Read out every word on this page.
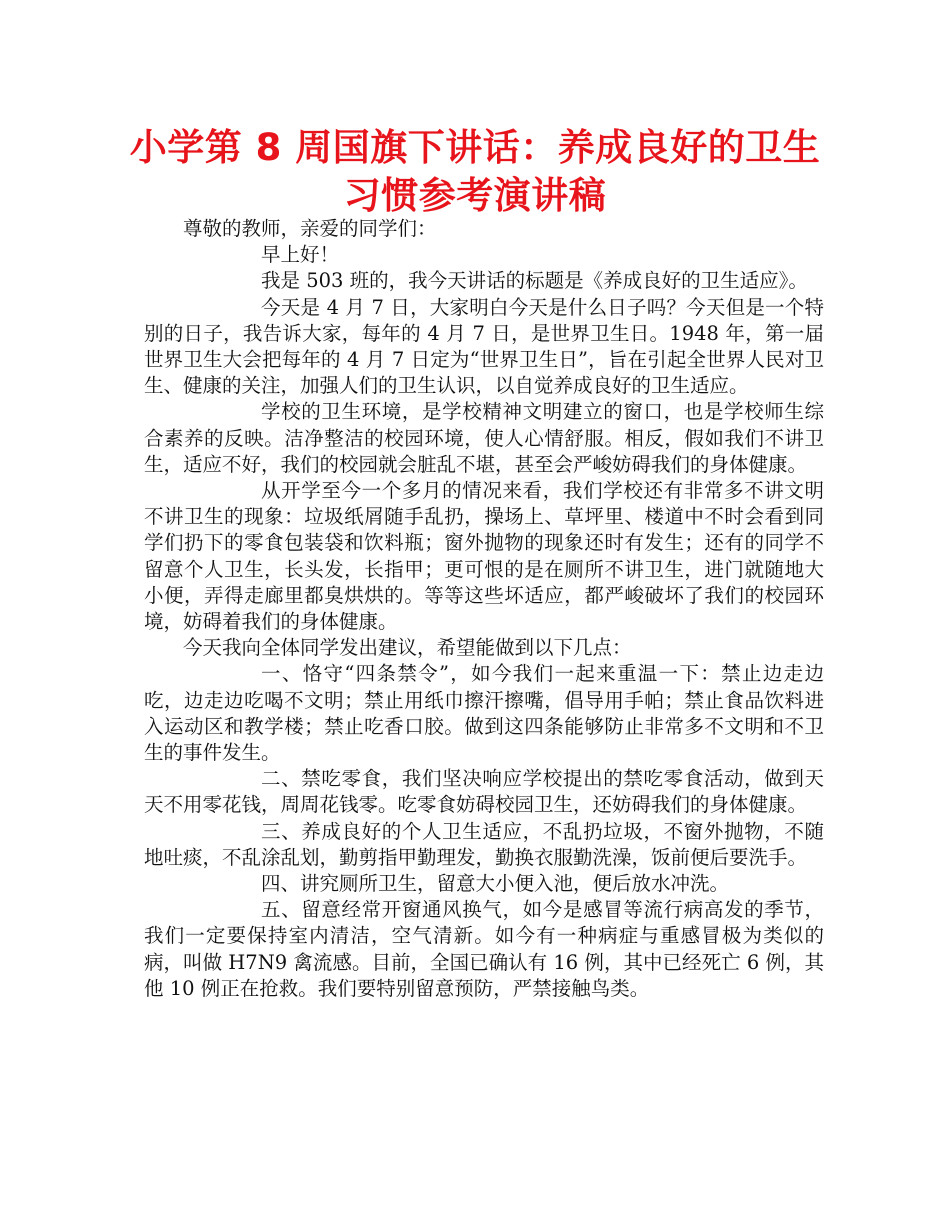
小学第 8 周国旗下讲话：养成良好的卫生
习惯参考演讲稿

尊敬的教师，亲爱的同学们：

早上好！

我是 503 班的，我今天讲话的标题是《养成良好的卫生适应》。

今天是 4 月 7 日，大家明白今天是什么日子吗？今天但是一个特别的日子，我告诉大家，每年的 4 月 7 日，是世界卫生日。1948 年，第一届世界卫生大会把每年的 4 月 7 日定为“世界卫生日”，旨在引起全世界人民对卫生、健康的关注，加强人们的卫生认识，以自觉养成良好的卫生适应。

学校的卫生环境，是学校精神文明建立的窗口，也是学校师生综合素养的反映。洁净整洁的校园环境，使人心情舒服。相反，假如我们不讲卫生，适应不好，我们的校园就会脏乱不堪，甚至会严峻妨碍我们的身体健康。

从开学至今一个多月的情况来看，我们学校还有非常多不讲文明不讲卫生的现象：垃圾纸屑随手乱扔，操场上、草坪里、楼道中不时会看到同学们扔下的零食包装袋和饮料瓶；窗外抛物的现象还时有发生；还有的同学不留意个人卫生，长头发，长指甲；更可恨的是在厕所不讲卫生，进门就随地大小便，弄得走廊里都臭烘烘的。等等这些坏适应，都严峻破坏了我们的校园环境，妨碍着我们的身体健康。

今天我向全体同学发出建议，希望能做到以下几点：

一、恪守“四条禁令”，如今我们一起来重温一下：禁止边走边吃，边走边吃喝不文明；禁止用纸巾擦汗擦嘴，倡导用手帕；禁止食品饮料进入运动区和教学楼；禁止吃香口胶。做到这四条能够防止非常多不文明和不卫生的事件发生。

二、禁吃零食，我们坚决响应学校提出的禁吃零食活动，做到天天不用零花钱，周周花钱零。吃零食妨碍校园卫生，还妨碍我们的身体健康。

三、养成良好的个人卫生适应，不乱扔垃圾，不窗外抛物，不随地吐痰，不乱涂乱划，勤剪指甲勤理发，勤换衣服勤洗澡，饭前便后要洗手。

四、讲究厕所卫生，留意大小便入池，便后放水冲洗。

五、留意经常开窗通风换气，如今是感冒等流行病高发的季节，我们一定要保持室内清洁，空气清新。如今有一种病症与重感冒极为类似的病，叫做 H7N9 禽流感。目前，全国已确认有 16 例，其中已经死亡 6 例，其他 10 例正在抢救。我们要特别留意预防，严禁接触鸟类。
